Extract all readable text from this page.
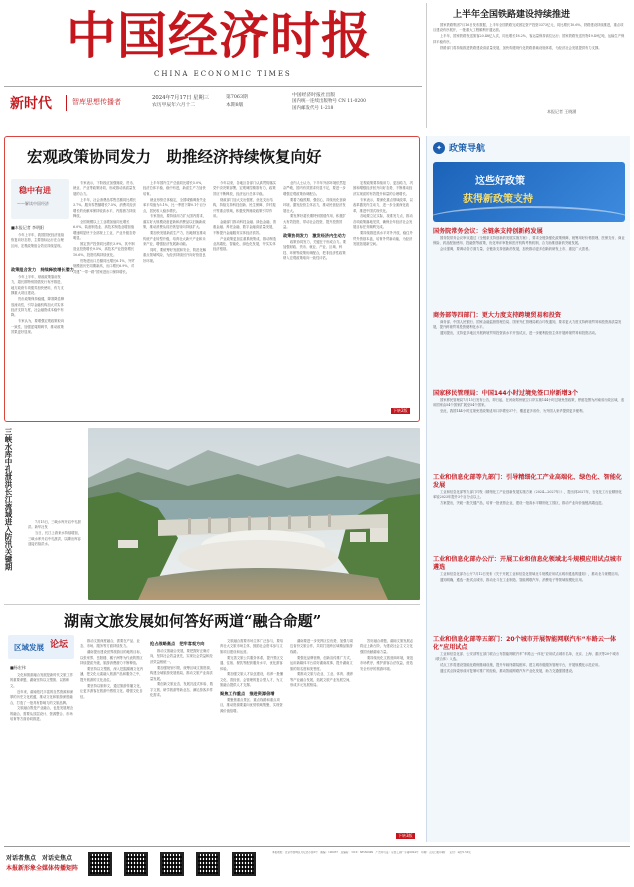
中国经济时报
CHINA ECONOMIC TIMES
新时代	智库思想传播者	2024年7月17日 星期三
农历甲辰年六月十二
第7063期
本期8版
中国经济时报社出版
国内统一连续出版物号 CN 11-0200
国内邮发代号 1-218
上半年全国铁路建设持续推进

国家铁路集团7月16日发布数据，上半年全国铁路完成固定资产投资3373亿元，同比增长10.6%，铁路建设持续推进，重点项目建设有序展开，一批重大工程顺利开通运营。

上半年，国家铁路发送旅客20.48亿人次，同比增长18.2%，客运量保持高位运行；国家铁路发送货物19.49亿吨，运输生产保持平稳有序。

铁路部门将持续推进铁路建设高质量发展，加快构建现代化铁路基础设施体系，为经济社会发展提供有力支撑。

本报记者 王晓涵
宏观政策协同发力　助推经济持续恢复向好
稳中有进
——解读中国经济
■本报记者 李明阳

今年上半年，我国国民经济延续恢复向好态势，主要指标运行在合理区间，宏观政策组合效应持续显现。

政策组合发力　持续释放增长潜力

今年上半年，财政政策靠前发力，超长期特别国债发行有序推进，地方政府专项债券加快使用，有力支撑重大项目建设。

货币政策保持稳健，降准降息释放流动性，引导金融机构加大对实体经济支持力度，社会融资成本稳中有降。

专家认为，要增强宏观政策取向一致性，加强逆周期调节，推动政策效果更好显现。

专家表示，下阶段应加强财政、货币、就业、产业等政策协同，形成推动高质量发展的合力。

上半年，社会消费品零售总额同比增长3.7%，服务零售额增长7.5%，消费对经济增长的贡献率保持较高水平，内需潜力持续释放。

全国规模以上工业增加值同比增长6.0%，装备制造业、高技术制造业增加值增速明显快于全部规上工业，产业升级态势明显。

固定资产投资同比增长3.9%，其中制造业投资增长9.5%，高技术产业投资增长10.6%，投资结构持续优化。

货物进出口总额同比增长6.1%，外贸规模创历史同期新高，出口增长6.9%，对共建“一带一路”国家进出口保持增长。

上半年国内生产总值同比增长5.0%，经济总体平稳、稳中有进，新质生产力加快培育。

就业形势总体稳定，全国城镇调查失业率平均值为5.1%，比一季度下降0.1个百分点，居民收入稳步增长。

专家指出，要持续用力扩大国内需求，落实好大规模设备更新和消费品以旧换新政策，推动消费从疫后恢复转向持续扩大。

要加快发展新质生产力，因地制宜推动传统产业转型升级，培育壮大新兴产业和未来产业，增强经济发展新动能。

同时，要统筹好发展和安全，防范化解重点领域风险，为经济持续回升向好营造良好环境。

今年以来，各地区各部门认真贯彻落实党中央决策部署，宏观调控精准有力，政策效应不断释放，经济运行总体平稳。

财政部门加大支出强度，优化支出结构，持续支持科技创新、民生保障、乡村振兴等重点领域，积极发挥财政政策引导作用。

金融部门推动科技金融、绿色金融、普惠金融、养老金融、数字金融高质量发展，不断提升金融服务实体经济质效。

产业政策更加注重系统集成，推动制造业高端化、智能化、绿色化发展，夯实实体经济根基。

业内人士认为，下半年外部环境依然复杂严峻，国内有效需求仍显不足，要进一步增强宏观政策协调配合。

要着力稳预期、强信心，持续优化营商环境，激发经营主体活力，推动民营经济发展壮大。

要发挥好超长期特别国债作用，积极扩大有效投资，带动社会投资，提升投资效益。

政策协同发力　激发经济内生动力

政策协同发力，关键在于形成合力。要加强财政、货币、就业、产业、区域、科技、环保等政策协调配合，把非经济性政策纳入宏观政策取向一致性评估。

宏观政策要持续用力、更加给力，巩固和增强经济回升向好态势，不断推动经济实现质的有效提升和量的合理增长。

专家表示，要深化重点领域改革，以改革激发内生动力，进一步全面深化改革，推进中国式现代化。

各地要立足实际，找准发力点，推动各项政策落地见效，确保全年经济社会发展目标任务顺利完成。

要持续推进高水平对外开放，稳住外贸外资基本盘，培育外贸新动能，为经济发展拓展新空间。

下转2版
三峡水库中孔泄洪长江流域进入防汛关键期	7月15日，三峡水库开启中孔泄洪。新华社发

当日，长江上游来水持续增加，三峡水库开启中孔泄洪，以腾出库容迎接后续洪水。

湖南文旅发展如何答好两道“融合命题”
区域发展 论坛
■杨宏伟

文化和旅游融合发展是新时代文旅工作的重要命题，湖南坚持以文塑旅、以旅彰文。

近年来，湖南依托丰富的自然资源和深厚的历史文化底蕴，推动文化和旅游深度融合，打造了一批具有影响力的文旅品牌。

文旅融合既是产业融合，也是发展理念的融合，需要从顶层设计、资源整合、市场培育等方面协同推进。

推动文旅深度融合，需要在产品、业态、市场、服务等方面持续发力。

湖南提出建设世界旅游目的地的目标，以张家界、岳阳楼、橘子洲等为代表的景区持续提质升级，旅游消费潜力不断释放。

要坚持以文塑旅，深入挖掘湖湘文化内涵，把文化元素融入旅游产品和服务之中，提升旅游的文化品位。

要坚持以旅彰文，通过旅游传播文化，让更多游客在旅游中感悟文化、增强文化自信。

抢占战略高点　把牢客观方向

推动文旅融合发展，要把握好正确方向，坚持社会效益优先，实现社会效益和经济效益相统一。

要加强规划引领，统筹区域文旅资源，构建全域旅游发展格局，推动文旅产业高质量发展。

要创新文旅业态，发展沉浸式体验、数字文旅、研学旅游等新业态，满足游客多样化需求。

文旅融合需要市场主体广泛参与，要培育壮大文旅市场主体，鼓励社会资本参与文旅项目建设和运营。

要完善文旅公共服务体系，提升景区交通、住宿、餐饮等配套服务水平，优化游客体验。

要加强文旅人才队伍建设，培养一批懂文化、善经营、会管理的复合型人才，为文旅融合提供人才支撑。

聚焦工作重点　推进资源倍增

要聚焦重点景区、重点线路和重点项目，推动资源要素向优势领域集聚，实现资源价值倍增。

湖南要进一步发挥区位优势，加强与周边省份文旅合作，共同打造跨区域精品旅游线路。

要强化品牌营销，创新宣传推广方式，运用新媒体平台讲好湖南故事，提升湖南文旅的知名度和美誉度。

要推动文旅与农业、工业、体育、康养等产业融合发展，拓展文旅产业发展空间，形成多元发展格局。

答好融合命题，湖南文旅发展必将迈上新台阶，为建设社会主义文化强国贡献湖南力量。

要持续优化文旅营商环境，规范市场秩序，维护游客合法权益，营造安全有序的旅游环境。

下转3版
✦ 政策导航
这些好政策
获得新政策支持
国务院常务会议：全链条支持创新药发展

国务院常务会议审议通过《全链条支持创新药发展实施方案》，要求全链条强化政策保障，统筹用好价格管理、医保支付、商业保险、药品配备使用、投融资等政策，优化审评审批和医疗机构考核机制，合力助推创新药突破发展。

会议强调，要调动各方面力量，全链条支持创新药发展，加快推动更多创新药研发上市、惠及广大患者。

商务部等四部门：更大力度支持跨境贸易和投资

商务部、中国人民银行、国家金融监督管理总局、国家外汇管理局联合印发通知，要求更大力度支持跨境贸易和投资高质量发展，提升跨境贸易投资便利化水平。

通知提出，支持更多地区开展跨境贸易投资高水平开放试点，进一步便利经营主体开展跨境贸易和投资活动。

国家移民管理局：中国144小时过境免签口岸新增3个

国家移民管理局7月15日发布公告，即日起，在河南郑州航空口岸实施144小时过境免签政策，停留范围为河南省行政区域，适用国家由54个国家扩展至54个国家。

至此，我国144小时过境免签政策适用口岸增至37个，覆盖更多省份，为外国人来华提供更多便利。

工业和信息化部等九部门：引导精细化工产业高端化、绿色化、智能化发展

工业和信息化部等九部门印发《精细化工产业创新发展实施方案（2024—2027年）》，提出到2027年，石化化工行业精细化率较2023年提升3个百分点以上。

方案提出，突破一批关键产品，培育一批优势企业，建设一批高水平精细化工园区，推动产业向价值链高端迈进。

工业和信息化部办公厅：开展工业和信息化领域北斗规模应用试点城市遴选

工业和信息化部办公厅7月12日发布《关于开展工业和信息化领域北斗规模应用试点城市遴选的通知》，推动北斗规模应用。

通知明确，遴选一批试点城市，推动北斗在工业制造、智能网联汽车、消费电子等领域规模化应用。

工业和信息化部等五部门：20个城市开展智能网联汽车“车路云一体化”应用试点

工业和信息化部、公安部等五部门联合公布智能网联汽车“车路云一体化”应用试点城市名单，北京、上海、重庆等20个城市（联合体）入选。

试点工作将建设智能化路侧基础设施，提升车载终端装配率，建立城市级服务管理平台，开展规模化示范应用。

通过试点探索形成可复制可推广的经验，推动智能网联汽车产业化发展，助力交通强国建设。

对话者焦点　对话史焦点
本报新形象全媒体传播矩阵
本报地址：北京市西城区月坛北小街2号　邮编：100037　总编室：（010）68530999　广告许可证：京西工商广字第0024号　印刷：人民日报印刷厂　定价：每份1.50元
